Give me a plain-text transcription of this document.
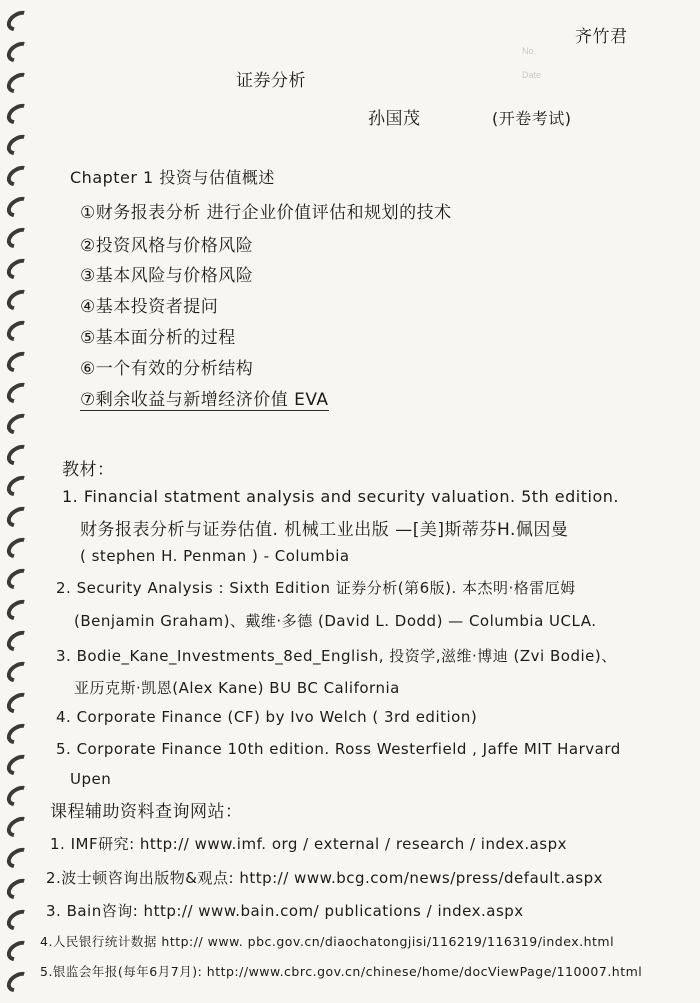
齐竹君
No.
Date
证券分析
孙国茂	(开卷考试)
Chapter 1 投资与估值概述
①财务报表分析 进行企业价值评估和规划的技术
②投资风格与价格风险
③基本风险与价格风险
④基本投资者提问
⑤基本面分析的过程
⑥一个有效的分析结构
⑦剩余收益与新增经济价值 EVA
教材：
1. Financial statment analysis and security valuation. 5th edition.
财务报表分析与证券估值. 机械工业出版 —[美]斯蒂芬H.佩因曼
( stephen H. Penman ) - Columbia
2. Security Analysis : Sixth Edition 证券分析(第6版). 本杰明·格雷厄姆
(Benjamin Graham)、戴维·多德 (David L. Dodd) — Columbia UCLA.
3. Bodie_Kane_Investments_8ed_English, 投资学,滋维·博迪 (Zvi Bodie)、
亚历克斯·凯恩(Alex Kane) BU BC California
4. Corporate Finance (CF) by Ivo Welch ( 3rd edition)
5. Corporate Finance 10th edition. Ross Westerfield , Jaffe MIT Harvard
Upen
课程辅助资料查询网站：
1. IMF研究: http:// www.imf. org / external / research / index.aspx
2.波士顿咨询出版物&观点: http:// www.bcg.com/news/press/default.aspx
3. Bain咨询: http:// www.bain.com/ publications / index.aspx
4.人民银行统计数据 http:// www. pbc.gov.cn/diaochatongjisi/116219/116319/index.html
5.银监会年报(每年6月7月): http://www.cbrc.gov.cn/chinese/home/docViewPage/110007.html
